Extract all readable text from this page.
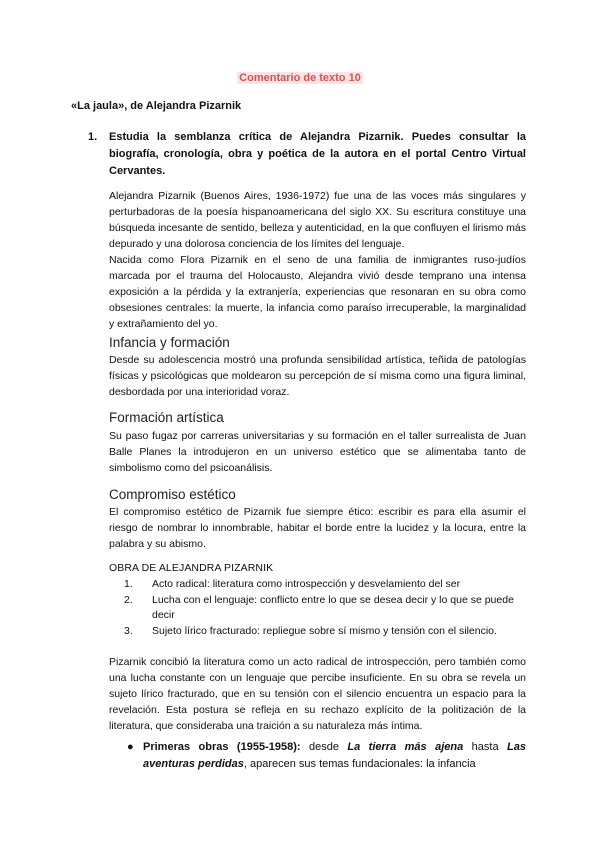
Comentario de texto 10
«La jaula», de Alejandra Pizarnik
1. Estudia la semblanza crítica de Alejandra Pizarnik. Puedes consultar la biografía, cronología, obra y poética de la autora en el portal Centro Virtual Cervantes.
Alejandra Pizarnik (Buenos Aires, 1936-1972) fue una de las voces más singulares y perturbadoras de la poesía hispanoamericana del siglo XX. Su escritura constituye una búsqueda incesante de sentido, belleza y autenticidad, en la que confluyen el lirismo más depurado y una dolorosa conciencia de los límites del lenguaje.
Nacida como Flora Pizarnik en el seno de una familia de inmigrantes ruso-judíos marcada por el trauma del Holocausto, Alejandra vivió desde temprano una intensa exposición a la pérdida y la extranjería, experiencias que resonaran en su obra como obsesiones centrales: la muerte, la infancia como paraíso irrecuperable, la marginalidad y extrañamiento del yo.
Infancia y formación
Desde su adolescencia mostró una profunda sensibilidad artística, teñida de patologías físicas y psicológicas que moldearon su percepción de sí misma como una figura liminal, desbordada por una interioridad voraz.
Formación artística
Su paso fugaz por carreras universitarias y su formación en el taller surrealista de Juan Balle Planes la introdujeron en un universo estético que se alimentaba tanto de simbolismo como del psicoanálisis.
Compromiso estético
El compromiso estético de Pizarnik fue siempre ético: escribir es para ella asumir el riesgo de nombrar lo innombrable, habitar el borde entre la lucidez y la locura, entre la palabra y su abismo.
OBRA DE ALEJANDRA PIZARNIK
1. Acto radical: literatura como introspección y desvelamiento del ser
2. Lucha con el lenguaje: conflicto entre lo que se desea decir y lo que se puede decir
3. Sujeto lírico fracturado: repliegue sobre sí mismo y tensión con el silencio.
Pizarnik concibió la literatura como un acto radical de introspección, pero también como una lucha constante con un lenguaje que percibe insuficiente. En su obra se revela un sujeto lírico fracturado, que en su tensión con el silencio encuentra un espacio para la revelación. Esta postura se refleja en su rechazo explícito de la politización de la literatura, que consideraba una traición a su naturaleza más íntima.
● Primeras obras (1955-1958): desde La tierra más ajena hasta Las aventuras perdidas, aparecen sus temas fundacionales: la infancia
